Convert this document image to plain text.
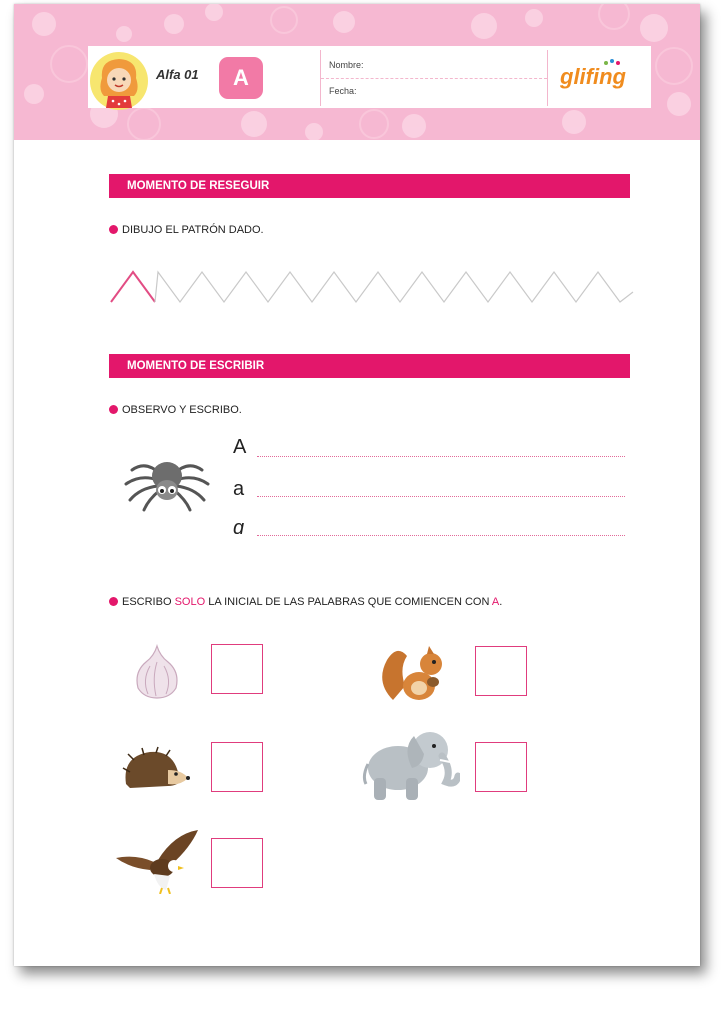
Alfa 01	A	Nombre:
Fecha:
glifing
MOMENTO DE RESEGUIR
DIBUJO EL PATRÓN DADO.
MOMENTO DE ESCRIBIR
OBSERVO Y ESCRIBO.
A
a
ɑ
ESCRIBO SOLO LA INICIAL DE LAS PALABRAS QUE COMIENCEN CON A.
